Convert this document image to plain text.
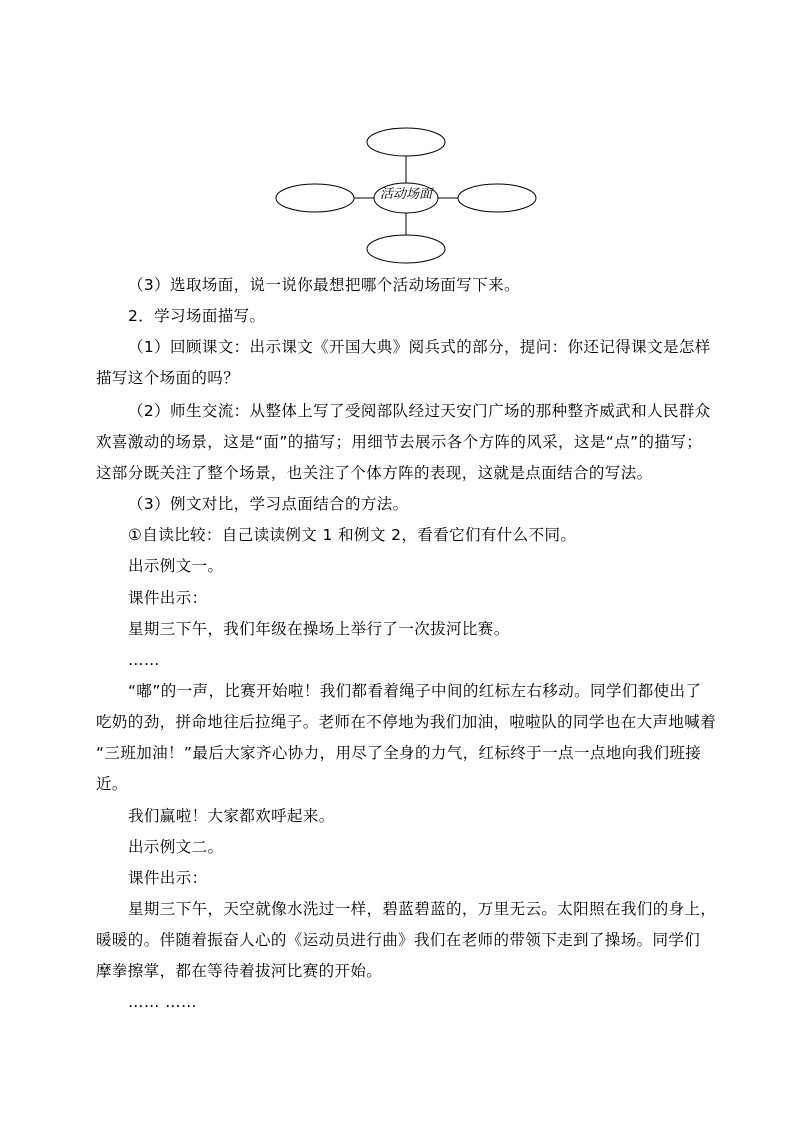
活动场面
（3）选取场面，说一说你最想把哪个活动场面写下来。
2．学习场面描写。
（1）回顾课文：出示课文《开国大典》阅兵式的部分，提问：你还记得课文是怎样
描写这个场面的吗？
（2）师生交流：从整体上写了受阅部队经过天安门广场的那种整齐威武和人民群众
欢喜激动的场景，这是“面”的描写；用细节去展示各个方阵的风采，这是“点”的描写；
这部分既关注了整个场景，也关注了个体方阵的表现，这就是点面结合的写法。
（3）例文对比，学习点面结合的方法。
①自读比较：自己读读例文 1 和例文 2，看看它们有什么不同。
出示例文一。
课件出示：
星期三下午，我们年级在操场上举行了一次拔河比赛。
……
“嘟”的一声，比赛开始啦！我们都看着绳子中间的红标左右移动。同学们都使出了
吃奶的劲，拼命地往后拉绳子。老师在不停地为我们加油，啦啦队的同学也在大声地喊着
“三班加油！”最后大家齐心协力，用尽了全身的力气，红标终于一点一点地向我们班接
近。
我们赢啦！大家都欢呼起来。
出示例文二。
课件出示：
星期三下午，天空就像水洗过一样，碧蓝碧蓝的，万里无云。太阳照在我们的身上，
暖暖的。伴随着振奋人心的《运动员进行曲》我们在老师的带领下走到了操场。同学们
摩拳擦掌，都在等待着拔河比赛的开始。
…… ……
